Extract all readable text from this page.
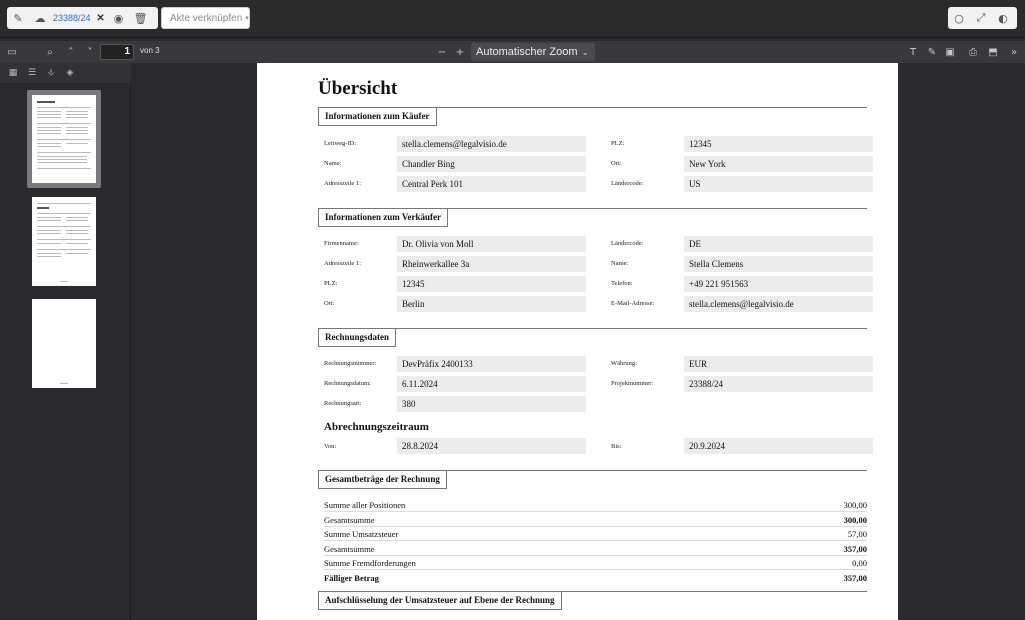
✎	☁ 23388/24 ✕ ◉ 🗑	Akte verknüpfen ▾	○	⤢	◐
▭	⌕	˄	˅	1	von 3	− +	Automatischer Zoom ⌄	T	✎ ▣	⎙	⬒	»
▦	☰	⎀	◈
Übersicht
Informationen zum Käufer
Leitweg-ID:	stella.clemens@legalvisio.de
Name:	Chandler Bing
Adresszeile 1:	Central Perk 101
PLZ:	12345
Ort:	New York
Ländercode:	US
Informationen zum Verkäufer
Firmenname:	Dr. Olivia von Moll
Adresszeile 1:	Rheinwerkallee 3a
PLZ:	12345
Ort:	Berlin
Ländercode:	DE
Name:	Stella Clemens
Telefon:	+49 221 951563
E-Mail-Adresse:	stella.clemens@legalvisio.de
Rechnungsdaten
Rechnungsnummer:	DevPräfix 2400133
Rechnungsdatum:	6.11.2024
Rechnungsart:	380
Währung:	EUR
Projektnummer:	23388/24
Abrechnungszeitraum
Von:	28.8.2024	Bis:	20.9.2024
Gesamtbeträge der Rechnung
Summe aller Positionen	300,00
Gesamtsumme	300,00
Summe Umsatzsteuer	57,00
Gesamtsumme	357,00
Summe Fremdforderungen	0,00
Fälliger Betrag	357,00
Aufschlüsselung der Umsatzsteuer auf Ebene der Rechnung
